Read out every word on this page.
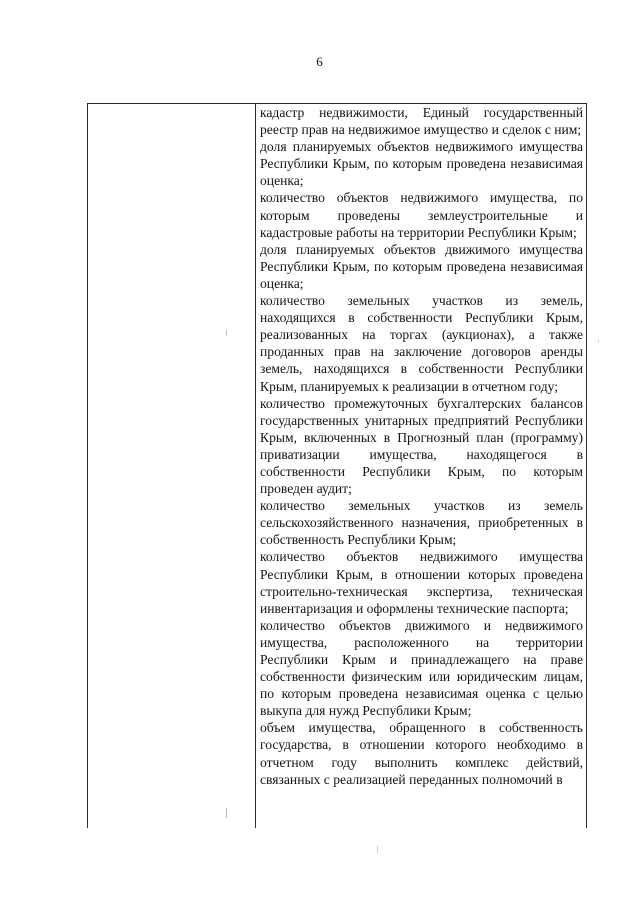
6

кадастр недвижимости, Единый государственный реестр прав на недвижимое имущество и сделок с ним;

доля планируемых объектов недвижимого имущества Республики Крым, по которым проведена независимая оценка;

количество объектов недвижимого имущества, по которым проведены землеустроительные и кадастровые работы на территории Республики Крым;

доля планируемых объектов движимого имущества Республики Крым, по которым проведена независимая оценка;

количество земельных участков из земель, находящихся в собственности Республики Крым, реализованных на торгах (аукционах), а также проданных прав на заключение договоров аренды земель, находящихся в собственности Республики Крым, планируемых к реализации в отчетном году;

количество промежуточных бухгалтерских балансов государственных унитарных предприятий Республики Крым, включенных в Прогнозный план (программу) приватизации имущества, находящегося в собственности Республики Крым, по которым проведен аудит;

количество земельных участков из земель сельскохозяйственного назначения, приобретенных в собственность Республики Крым;

количество объектов недвижимого имущества Республики Крым, в отношении которых проведена строительно-техническая экспертиза, техническая инвентаризация и оформлены технические паспорта;

количество объектов движимого и недвижимого имущества, расположенного на территории Республики Крым и принадлежащего на праве собственности физическим или юридическим лицам, по которым проведена независимая оценка с целью выкупа для нужд Республики Крым;

объем имущества, обращенного в собственность государства, в отношении которого необходимо в отчетном году выполнить комплекс действий, связанных с реализацией переданных полномочий в
